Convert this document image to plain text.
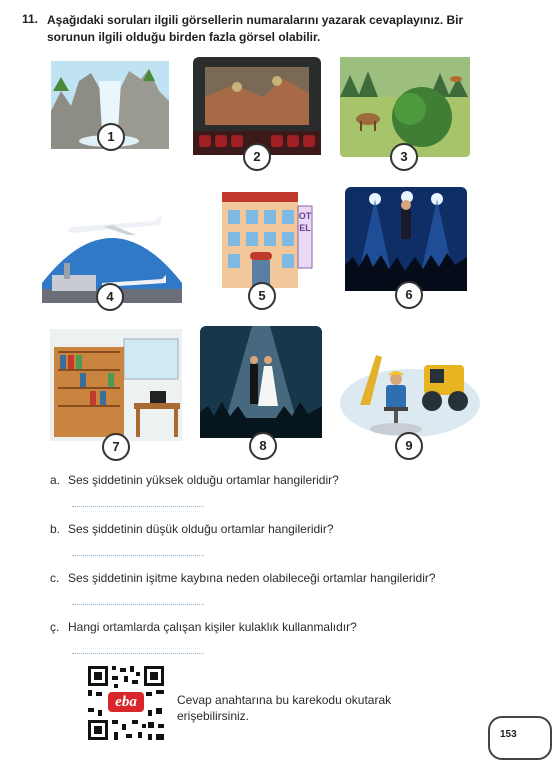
11. Aşağıdaki soruları ilgili görsellerin numaralarını yazarak cevaplayınız. Bir sorunun ilgili olduğu birden fazla görsel olabilir.
1
2	3
4
OTEL
5	6
7	8	9
a. Ses şiddetinin yüksek olduğu ortamlar hangileridir?
b. Ses şiddetinin düşük olduğu ortamlar hangileridir?
c. Ses şiddetinin işitme kaybına neden olabileceği ortamlar hangileridir?
ç. Hangi ortamlarda çalışan kişiler kulaklık kullanmalıdır?
eba	Cevap anahtarına bu karekodu okutarak
erişebilirsiniz.
153
